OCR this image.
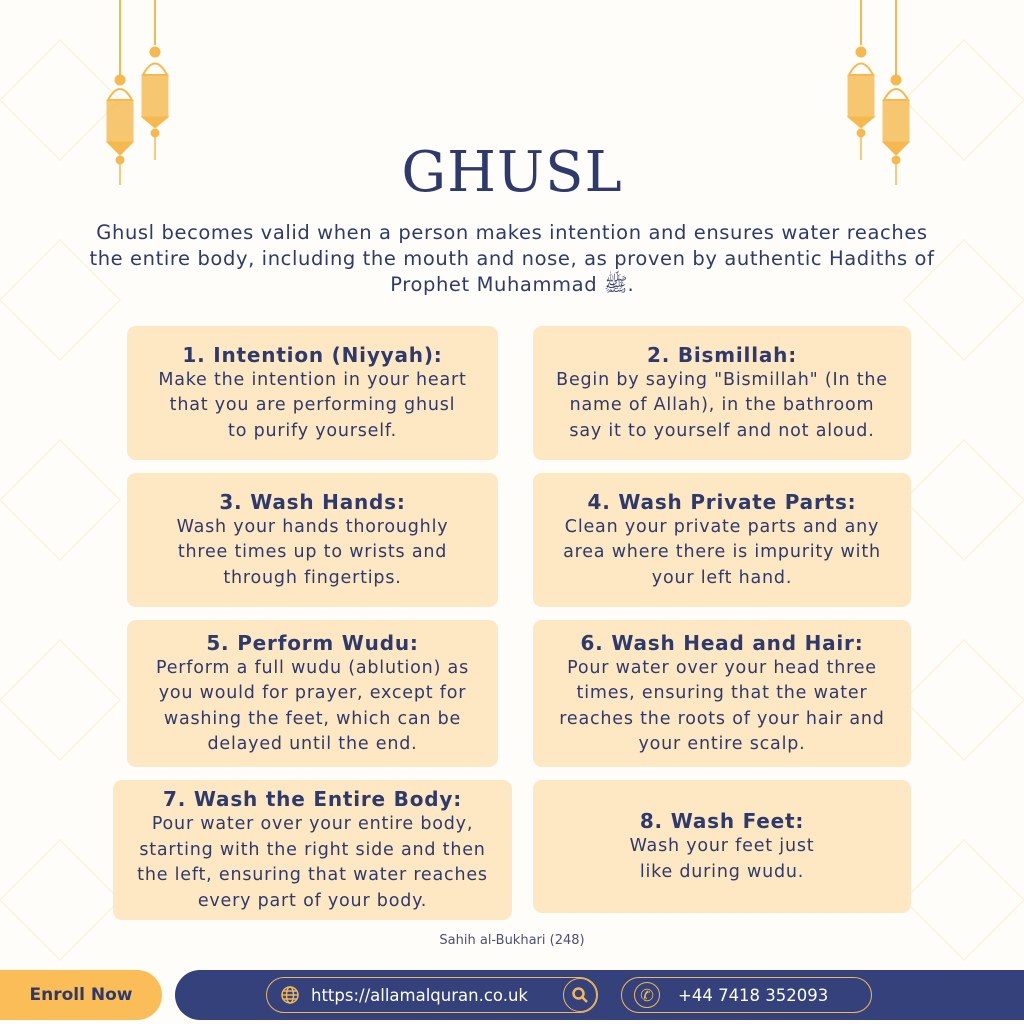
GHUSL

Ghusl becomes valid when a person makes intention and ensures water reaches the entire body, including the mouth and nose, as proven by authentic Hadiths of Prophet Muhammad ﷺ.

1. Intention (Niyyah):
Make the intention in your heart that you are performing ghusl to purify yourself.
2. Bismillah:
Begin by saying "Bismillah" (In the name of Allah), in the bathroom say it to yourself and not aloud.
3. Wash Hands:
Wash your hands thoroughly three times up to wrists and through fingertips.
4. Wash Private Parts:
Clean your private parts and any area where there is impurity with your left hand.
5. Perform Wudu:
Perform a full wudu (ablution) as you would for prayer, except for washing the feet, which can be delayed until the end.
6. Wash Head and Hair:
Pour water over your head three times, ensuring that the water reaches the roots of your hair and your entire scalp.
7. Wash the Entire Body:
Pour water over your entire body, starting with the right side and then the left, ensuring that water reaches every part of your body.
8. Wash Feet:
Wash your feet just like during wudu.
Sahih al-Bukhari (248)
Enroll Now	https://allamalquran.co.uk	✆	+44 7418 352093
